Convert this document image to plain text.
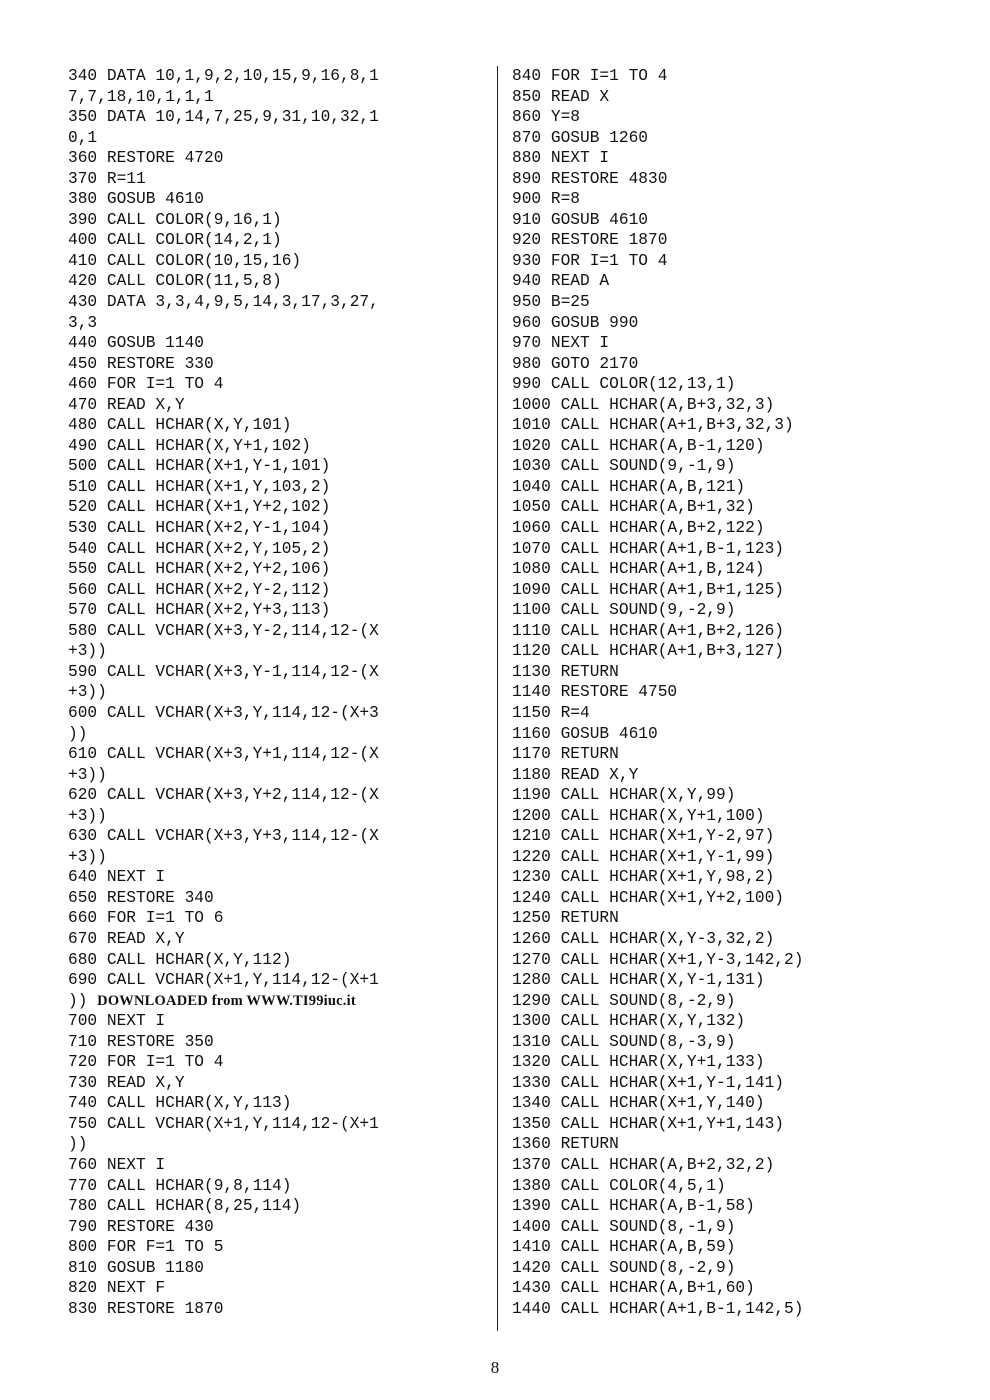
340 DATA 10,1,9,2,10,15,9,16,8,1
7,7,18,10,1,1,1
350 DATA 10,14,7,25,9,31,10,32,1
0,1
360 RESTORE 4720
370 R=11
380 GOSUB 4610
390 CALL COLOR(9,16,1)
400 CALL COLOR(14,2,1)
410 CALL COLOR(10,15,16)
420 CALL COLOR(11,5,8)
430 DATA 3,3,4,9,5,14,3,17,3,27,
3,3
440 GOSUB 1140
450 RESTORE 330
460 FOR I=1 TO 4
470 READ X,Y
480 CALL HCHAR(X,Y,101)
490 CALL HCHAR(X,Y+1,102)
500 CALL HCHAR(X+1,Y-1,101)
510 CALL HCHAR(X+1,Y,103,2)
520 CALL HCHAR(X+1,Y+2,102)
530 CALL HCHAR(X+2,Y-1,104)
540 CALL HCHAR(X+2,Y,105,2)
550 CALL HCHAR(X+2,Y+2,106)
560 CALL HCHAR(X+2,Y-2,112)
570 CALL HCHAR(X+2,Y+3,113)
580 CALL VCHAR(X+3,Y-2,114,12-(X
+3))
590 CALL VCHAR(X+3,Y-1,114,12-(X
+3))
600 CALL VCHAR(X+3,Y,114,12-(X+3
))
610 CALL VCHAR(X+3,Y+1,114,12-(X
+3))
620 CALL VCHAR(X+3,Y+2,114,12-(X
+3))
630 CALL VCHAR(X+3,Y+3,114,12-(X
+3))
640 NEXT I
650 RESTORE 340
660 FOR I=1 TO 6
670 READ X,Y
680 CALL HCHAR(X,Y,112)
690 CALL VCHAR(X+1,Y,114,12-(X+1
)) DOWNLOADED from WWW.TI99iuc.it
700 NEXT I
710 RESTORE 350
720 FOR I=1 TO 4
730 READ X,Y
740 CALL HCHAR(X,Y,113)
750 CALL VCHAR(X+1,Y,114,12-(X+1
))
760 NEXT I
770 CALL HCHAR(9,8,114)
780 CALL HCHAR(8,25,114)
790 RESTORE 430
800 FOR F=1 TO 5
810 GOSUB 1180
820 NEXT F
830 RESTORE 1870
840 FOR I=1 TO 4
850 READ X
860 Y=8
870 GOSUB 1260
880 NEXT I
890 RESTORE 4830
900 R=8
910 GOSUB 4610
920 RESTORE 1870
930 FOR I=1 TO 4
940 READ A
950 B=25
960 GOSUB 990
970 NEXT I
980 GOTO 2170
990 CALL COLOR(12,13,1)
1000 CALL HCHAR(A,B+3,32,3)
1010 CALL HCHAR(A+1,B+3,32,3)
1020 CALL HCHAR(A,B-1,120)
1030 CALL SOUND(9,-1,9)
1040 CALL HCHAR(A,B,121)
1050 CALL HCHAR(A,B+1,32)
1060 CALL HCHAR(A,B+2,122)
1070 CALL HCHAR(A+1,B-1,123)
1080 CALL HCHAR(A+1,B,124)
1090 CALL HCHAR(A+1,B+1,125)
1100 CALL SOUND(9,-2,9)
1110 CALL HCHAR(A+1,B+2,126)
1120 CALL HCHAR(A+1,B+3,127)
1130 RETURN
1140 RESTORE 4750
1150 R=4
1160 GOSUB 4610
1170 RETURN
1180 READ X,Y
1190 CALL HCHAR(X,Y,99)
1200 CALL HCHAR(X,Y+1,100)
1210 CALL HCHAR(X+1,Y-2,97)
1220 CALL HCHAR(X+1,Y-1,99)
1230 CALL HCHAR(X+1,Y,98,2)
1240 CALL HCHAR(X+1,Y+2,100)
1250 RETURN
1260 CALL HCHAR(X,Y-3,32,2)
1270 CALL HCHAR(X+1,Y-3,142,2)
1280 CALL HCHAR(X,Y-1,131)
1290 CALL SOUND(8,-2,9)
1300 CALL HCHAR(X,Y,132)
1310 CALL SOUND(8,-3,9)
1320 CALL HCHAR(X,Y+1,133)
1330 CALL HCHAR(X+1,Y-1,141)
1340 CALL HCHAR(X+1,Y,140)
1350 CALL HCHAR(X+1,Y+1,143)
1360 RETURN
1370 CALL HCHAR(A,B+2,32,2)
1380 CALL COLOR(4,5,1)
1390 CALL HCHAR(A,B-1,58)
1400 CALL SOUND(8,-1,9)
1410 CALL HCHAR(A,B,59)
1420 CALL SOUND(8,-2,9)
1430 CALL HCHAR(A,B+1,60)
1440 CALL HCHAR(A+1,B-1,142,5)
8
